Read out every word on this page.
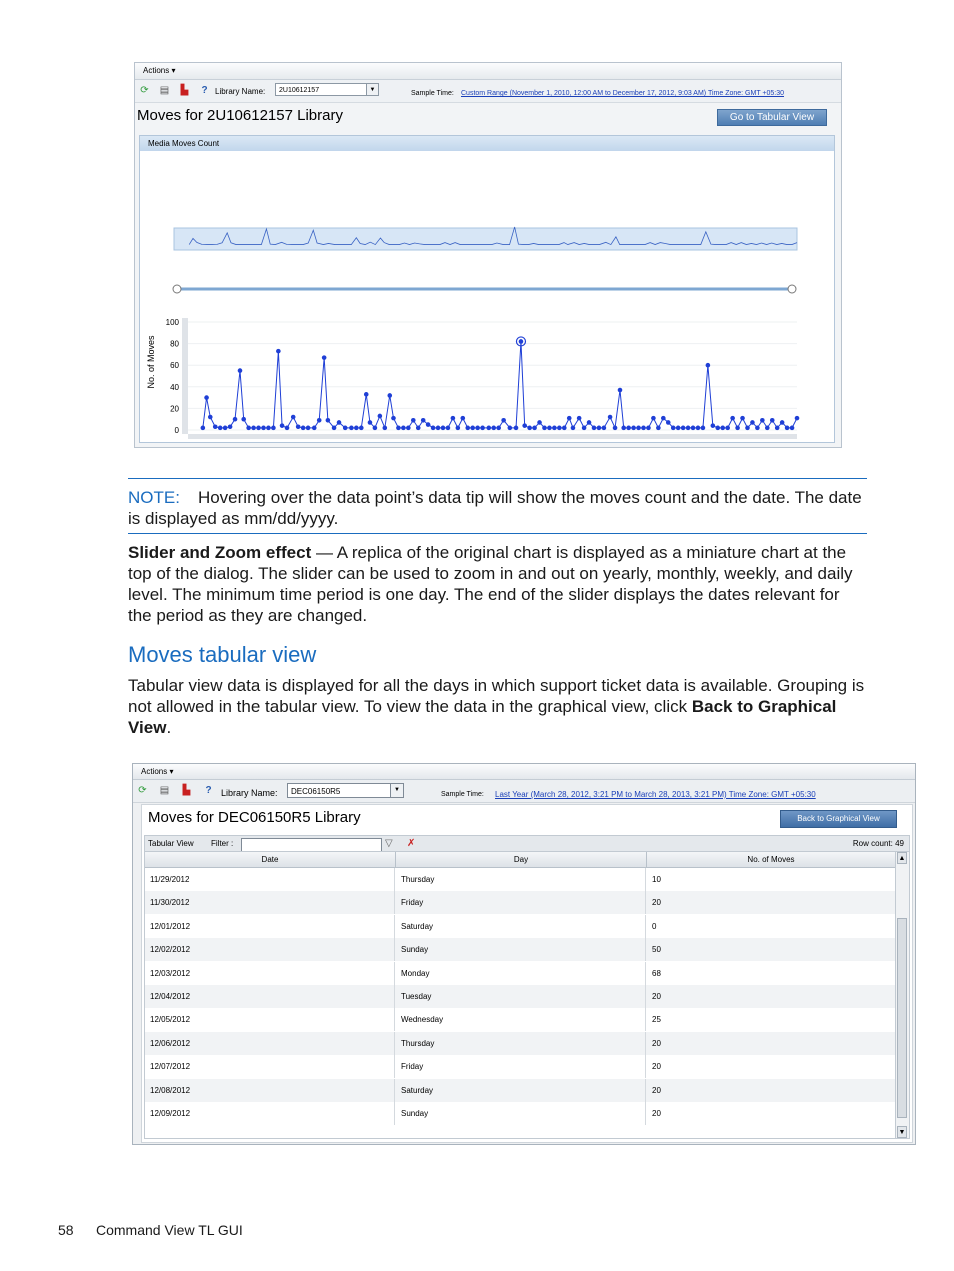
Actions ▾
⟳ ▤ ▙ ? Library Name:	Sample Time: Custom Range (November 1, 2010, 12:00 AM to December 17, 2012, 9:03 AM) Time Zone: GMT +05:30
2U10612157	▼
Moves for 2U10612157 Library	Go to Tabular View
Media Moves Count
0
20
40
60
80
100
No. of Moves
NOTE: Hovering over the data point’s data tip will show the moves count and the date. The date is displayed as mm/dd/yyyy.
Slider and Zoom effect — A replica of the original chart is displayed as a miniature chart at the top of the dialog. The slider can be used to zoom in and out on yearly, monthly, weekly, and daily level. The minimum time period is one day. The end of the slider displays the dates relevant for the period as they are changed.
Moves tabular view
Tabular view data is displayed for all the days in which support ticket data is available. Grouping is not allowed in the tabular view. To view the data in the graphical view, click Back to Graphical View.
Actions ▾
⟳ ▤ ▙ ? Library Name:	Sample Time: Last Year (March 28, 2012, 3:21 PM to March 28, 2013, 3:21 PM) Time Zone: GMT +05:30
DEC06150R5	▼

Moves for DEC06150R5 Library	Back to Graphical View
Tabular View Filter :	▽ ✗	Row count: 49
Date	Day	No. of Moves
11/29/2012	Thursday	10
11/30/2012	Friday	20
12/01/2012	Saturday	0
12/02/2012	Sunday	50
12/03/2012	Monday	68
12/04/2012	Tuesday	20
12/05/2012	Wednesday	25
12/06/2012	Thursday	20
12/07/2012	Friday	20
12/08/2012	Saturday	20
12/09/2012	Sunday	20
▲
▼
58 Command View TL GUI
